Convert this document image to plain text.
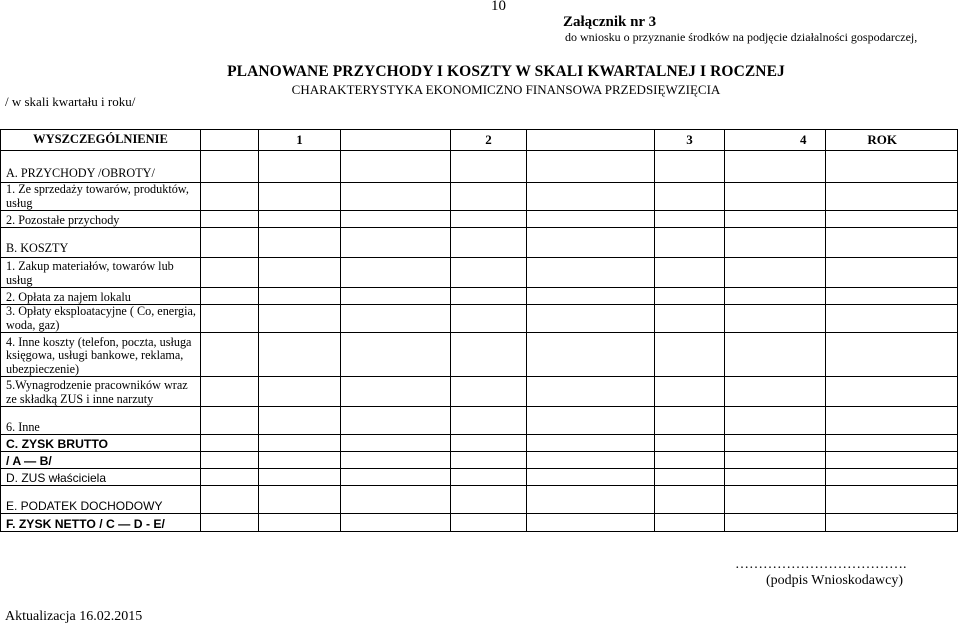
10
Załącznik nr 3
do wniosku o przyznanie środków na podjęcie działalności gospodarczej,
PLANOWANE PRZYCHODY I KOSZTY W SKALI KWARTALNEJ I ROCZNEJ
CHARAKTERYSTYKA EKONOMICZNO FINANSOWA PRZEDSIĘWZIĘCIA
/ w skali kwartału i roku/
WYSZCZEGÓLNIENIE		1		2		3		4 ROK
A. PRZYCHODY /OBROTY/								
1. Ze sprzedaży towarów, produktów, usług								
2. Pozostałe przychody								
B. KOSZTY								
1. Zakup materiałów, towarów lub usług								
2. Opłata za najem lokalu								
3. Opłaty eksploatacyjne ( Co, energia, woda, gaz)								
4. Inne koszty (telefon, poczta, usługa księgowa, usługi bankowe, reklama, ubezpieczenie)								
5.Wynagrodzenie pracowników wraz ze składką ZUS i inne narzuty								
6. Inne								
C. ZYSK BRUTTO								
/ A — B/								
D. ZUS właściciela								
E. PODATEK DOCHODOWY								
F. ZYSK NETTO / C — D - E/								
……………………………….
(podpis Wnioskodawcy)
Aktualizacja 16.02.2015
